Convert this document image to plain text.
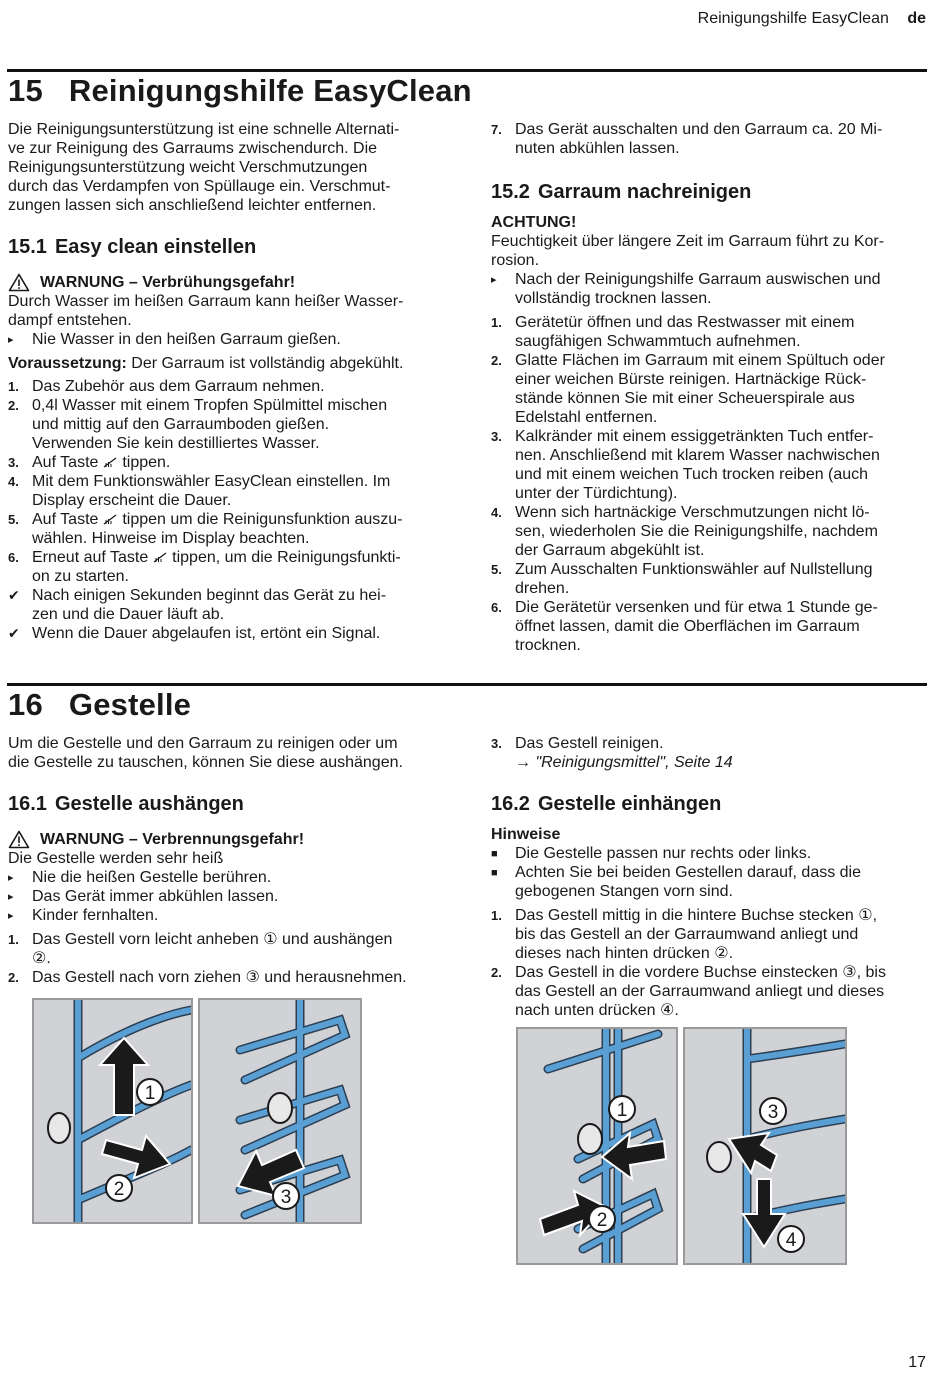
Reinigungshilfe EasyClean de
15 Reinigungshilfe EasyClean

Die Reinigungsunterstützung ist eine schnelle Alternati-

ve zur Reinigung des Garraums zwischendurch. Die

Reinigungsunterstützung weicht Verschmutzungen

durch das Verdampfen von Spüllauge ein. Verschmut-

zungen lassen sich anschließend leichter entfernen.

15.1 Easy clean einstellen
WARNUNG – Verbrühungsgefahr!

Durch Wasser im heißen Garraum kann heißer Wasser-

dampf entstehen.

▸ Nie Wasser in den heißen Garraum gießen.

Voraussetzung: Der Garraum ist vollständig abgekühlt.

1. Das Zubehör aus dem Garraum nehmen.
2. 0,4l Wasser mit einem Tropfen Spülmittel mischen
und mittig auf den Garraumboden gießen.
Verwenden Sie kein destilliertes Wasser.
3. Auf Taste tippen.
4. Mit dem Funktionswähler EasyClean einstellen. Im
Display erscheint die Dauer.
5. Auf Taste tippen um die Reinigunsfunktion auszu-
wählen. Hinweise im Display beachten.
6. Erneut auf Taste tippen, um die Reinigungsfunkti-
on zu starten.
✔ Nach einigen Sekunden beginnt das Gerät zu hei-
zen und die Dauer läuft ab.
✔ Wenn die Dauer abgelaufen ist, ertönt ein Signal.
7. Das Gerät ausschalten und den Garraum ca. 20 Mi-
nuten abkühlen lassen.
15.2 Garraum nachreinigen

ACHTUNG!

Feuchtigkeit über längere Zeit im Garraum führt zu Kor-

rosion.

▸ Nach der Reinigungshilfe Garraum auswischen und
vollständig trocknen lassen.
1. Gerätetür öffnen und das Restwasser mit einem
saugfähigen Schwammtuch aufnehmen.
2. Glatte Flächen im Garraum mit einem Spültuch oder
einer weichen Bürste reinigen. Hartnäckige Rück-
stände können Sie mit einer Scheuerspirale aus
Edelstahl entfernen.
3. Kalkränder mit einem essiggetränkten Tuch entfer-
nen. Anschließend mit klarem Wasser nachwischen
und mit einem weichen Tuch trocken reiben (auch
unter der Türdichtung).
4. Wenn sich hartnäckige Verschmutzungen nicht lö-
sen, wiederholen Sie die Reinigungshilfe, nachdem
der Garraum abgekühlt ist.
5. Zum Ausschalten Funktionswähler auf Nullstellung
drehen.
6. Die Gerätetür versenken und für etwa 1 Stunde ge-
öffnet lassen, damit die Oberflächen im Garraum
trocknen.
16 Gestelle

Um die Gestelle und den Garraum zu reinigen oder um

die Gestelle zu tauschen, können Sie diese aushängen.

16.1 Gestelle aushängen
WARNUNG – Verbrennungsgefahr!

Die Gestelle werden sehr heiß

▸ Nie die heißen Gestelle berühren.
▸ Das Gerät immer abkühlen lassen.
▸ Kinder fernhalten.
1. Das Gestell vorn leicht anheben ① und aushängen
②.
2. Das Gestell nach vorn ziehen ③ und herausnehmen.
1
2	3
3. Das Gestell reinigen.
→ "Reinigungsmittel", Seite 14
16.2 Gestelle einhängen

Hinweise

■ Die Gestelle passen nur rechts oder links.
■ Achten Sie bei beiden Gestellen darauf, dass die
gebogenen Stangen vorn sind.
1. Das Gestell mittig in die hintere Buchse stecken ①,
bis das Gestell an der Garraumwand anliegt und
dieses nach hinten drücken ②.
2. Das Gestell in die vordere Buchse einstecken ③, bis
das Gestell an der Garraumwand anliegt und dieses
nach unten drücken ④.
1
2
3
4
17
